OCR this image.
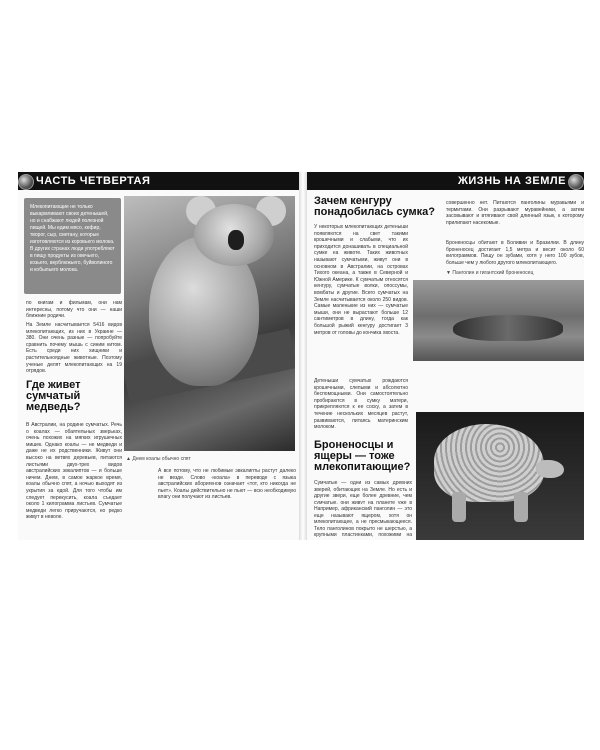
ЧАСТЬ ЧЕТВЕРТАЯ	ЖИЗНЬ НА ЗЕМЛЕ
Млекопитающие не только выкармливают своих детенышей, но и снабжают людей полезной пищей. Мы едим мясо, кефир, творог, сыр, сметану, которые изготовляются из коровьего молока. В других странах люди употребляют в пищу продукты из овечьего, козьего, верблюжьего, буйволиного и кобыльего молока.
по книгам и фильмам, они нам интересны, потому что они — наши ближние родичи.
На Земле насчитывается 5416 видов млекопитающих, из них в Украине — 380. Они очень разные — попробуйте сравнить почему мышь с синим китом. Есть среди них хищники и растительноядные животные. Поэтому ученые делят млекопитающих на 19 отрядов.
Где живет сумчатый медведь?
В Австралии, на родине сумчатых. Речь о коалах — обаятельных зверьках, очень похожих на мягких игрушечных мишек. Однако коалы — не медведи и даже не их родственники. Живут они высоко на ветвях деревьев, питаются листьями двух-трех видов австралийских эвкалиптов — и больше ничем. Днем, в самое жаркое время, коалы обычно спят, а ночью выходят из укрытия за едой. Для того чтобы им следует перекусить, коала съедает около 1 килограмма листьев. Сумчатые медведи легко приручаются, но редко живут в неволе.
▲ Днем коалы обычно спят
А все потому, что не любимые эвкалипты растут далеко не везде. Слово «коала» в переводе с языка австралийских аборигенов означает «тот, кто никогда не пьет». Коалы действительно не пьют — всю необходимую влагу они получают из листьев.
Зачем кенгуру понадобилась сумка?
У некоторых млекопитающих детеныши появляются на свет такими крошечными и слабыми, что их приходится донашивать в специальной сумке на животе. Таких животных называют сумчатыми, живут они в основном в Австралии, на островах Тихого океана, а также в Северной и Южной Америке. К сумчатым относятся кенгуру, сумчатые волки, опоссумы, вомбаты и другие. Всего сумчатых на Земле насчитывается около 250 видов. Самые маленькие из них — сумчатые мыши, они не вырастают больше 12 сантиметров в длину, тогда как большой рыжий кенгуру достигает 3 метров от головы до кончика хвоста.
Детеныши сумчатых рождаются крошечными, слепыми и абсолютно беспомощными. Они самостоятельно пробираются в сумку матери, прикрепляются к ее соску, а затем в течение нескольких месяцев растут, развиваются, питаясь материнским молоком.
совершенно нет. Питаются панголины муравьями и термитами. Они разрывают муравейники, а затем засовывают и втягивают свой длинный язык, к которому прилипают насекомые.
Броненосцы обитают в Боливии и Бразилии. В длину броненосец достигает 1,5 метра и весит около 60 килограммов. Пищу он зубами, хотя у него 100 зубов, больше чем у любого другого млекопитающего.
▼ Панголин и гигантский броненосец
Броненосцы и ящеры — тоже млекопитающие?
Сумчатые — одни из самых древних зверей, обитающих на Земле. Но есть и другие звери, еще более древние, чем сумчатые, они живут на планете уже в
Например, африканский панголин — это еще называют ящером, хотя он млекопитающее, а не пресмыкающееся. Тело панголинов покрыто не шерстью, а крупными пластинками, похожими на
